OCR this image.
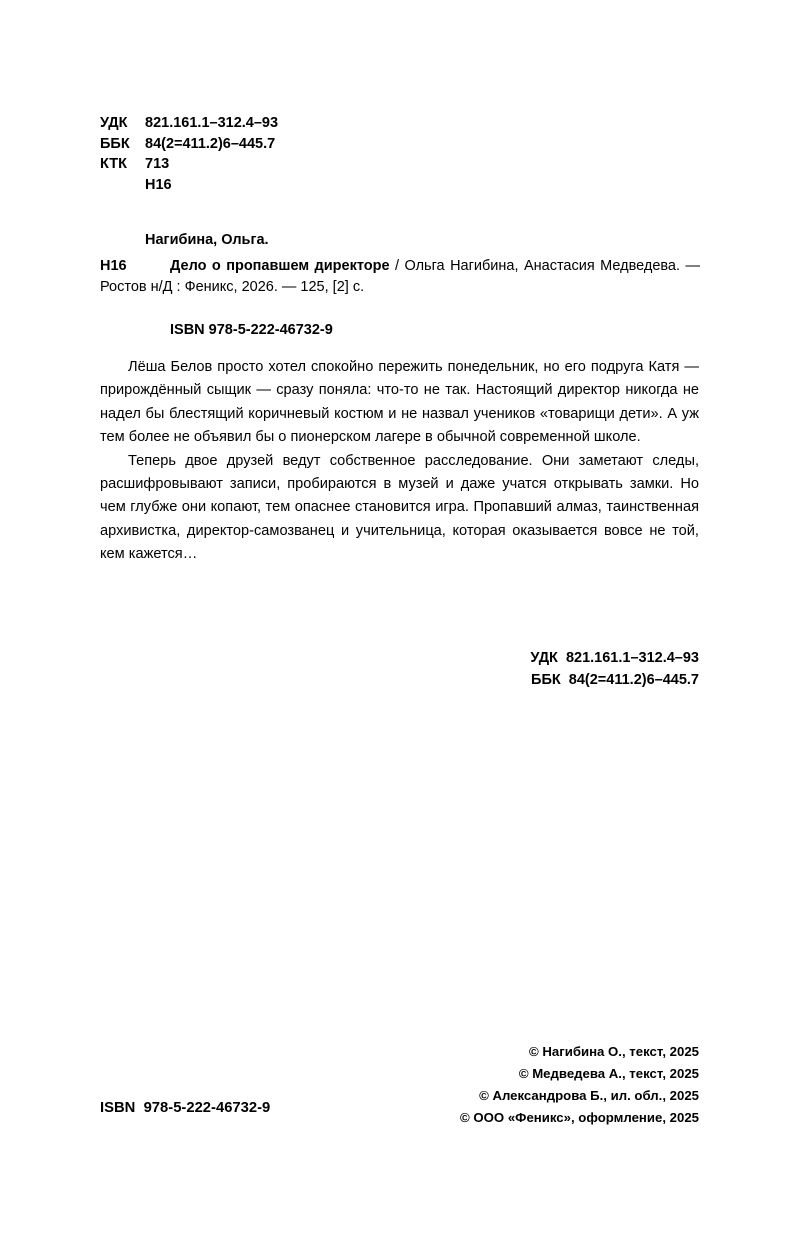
УДК	821.161.1–312.4–93
ББК	84(2=411.2)6–445.7
КТК	713
Н16
Нагибина, Ольга.
Н16	Дело о пропавшем директоре / Ольга Нагибина, Анастасия Медведева. — Ростов н/Д : Феникс, 2026. — 125, [2] с.
ISBN 978-5-222-46732-9

Лёша Белов просто хотел спокойно пережить понедельник, но его подруга Катя — прирождённый сыщик — сразу поняла: что-то не так. Настоящий директор никогда не надел бы блестящий коричневый костюм и не назвал учеников «товарищи дети». А уж тем более не объявил бы о пионерском лагере в обычной современной школе.

Теперь двое друзей ведут собственное расследование. Они заметают следы, расшифровывают записи, пробираются в музей и даже учатся открывать замки. Но чем глубже они копают, тем опаснее становится игра. Пропавший алмаз, таинственная архивистка, директор-самозванец и учительница, которая оказывается вовсе не той, кем кажется…

УДК  821.161.1–312.4–93
ББК  84(2=411.2)6–445.7
© Нагибина О., текст, 2025
© Медведева А., текст, 2025
© Александрова Б., ил. обл., 2025
© ООО «Феникс», оформление, 2025
ISBN  978-5-222-46732-9
